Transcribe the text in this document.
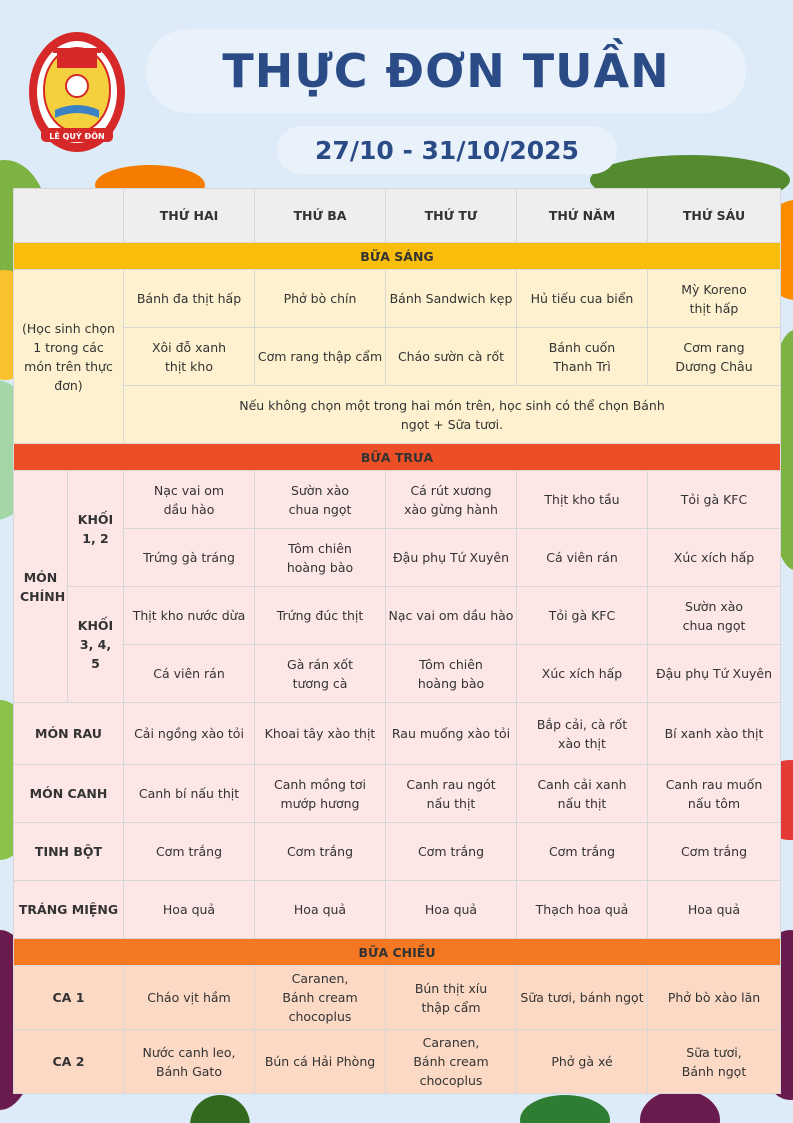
LÊ QUÝ ĐÔN
THỰC ĐƠN TUẦN
27/10 - 31/10/2025
		THỨ HAI	THỨ BA	THỨ TƯ	THỨ NĂM	THỨ SÁU
BỮA SÁNG						
(Học sinh chọn 1 trong các món trên thực đơn)		Bánh đa thịt hấp	Phở bò chín	Bánh Sandwich kẹp	Hủ tiếu cua biển	Mỳ Koreno thịt hấp
		Xôi đỗ xanh thịt kho	Cơm rang thập cẩm	Cháo sườn cà rốt	Bánh cuốn Thanh Trì	Cơm rang Dương Châu
		Nếu không chọn một trong hai món trên, học sinh có thể chọn Bánh ngọt + Sữa tươi.				
BỮA TRƯA						
MÓN CHÍNH	KHỐI 1, 2	Nạc vai om dầu hào	Sườn xào chua ngọt	Cá rút xương xào gừng hành	Thịt kho tầu	Tỏi gà KFC
		Trứng gà tráng	Tôm chiên hoàng bào	Đậu phụ Tứ Xuyên	Cá viên rán	Xúc xích hấp
	KHỐI 3, 4, 5	Thịt kho nước dừa	Trứng đúc thịt	Nạc vai om dầu hào	Tỏi gà KFC	Sườn xào chua ngọt
		Cá viên rán	Gà rán xốt tương cà	Tôm chiên hoàng bào	Xúc xích hấp	Đậu phụ Tứ Xuyên
MÓN RAU		Cải ngồng xào tỏi	Khoai tây xào thịt	Rau muống xào tỏi	Bắp cải, cà rốt xào thịt	Bí xanh xào thịt
MÓN CANH		Canh bí nấu thịt	Canh mồng tơi mướp hương	Canh rau ngót nấu thịt	Canh cải xanh nấu thịt	Canh rau muốn nấu tôm
TINH BỘT		Cơm trắng	Cơm trắng	Cơm trắng	Cơm trắng	Cơm trắng
TRÁNG MIỆNG		Hoa quả	Hoa quả	Hoa quả	Thạch hoa quả	Hoa quả
BỮA CHIỀU						
CA 1		Cháo vịt hầm	Caranen, Bánh cream chocoplus	Bún thịt xíu thập cẩm	Sữa tươi, bánh ngọt	Phở bò xào lăn
CA 2		Nước canh leo, Bánh Gato	Bún cá Hải Phòng	Caranen, Bánh cream chocoplus	Phở gà xé	Sữa tươi, Bánh ngọt
